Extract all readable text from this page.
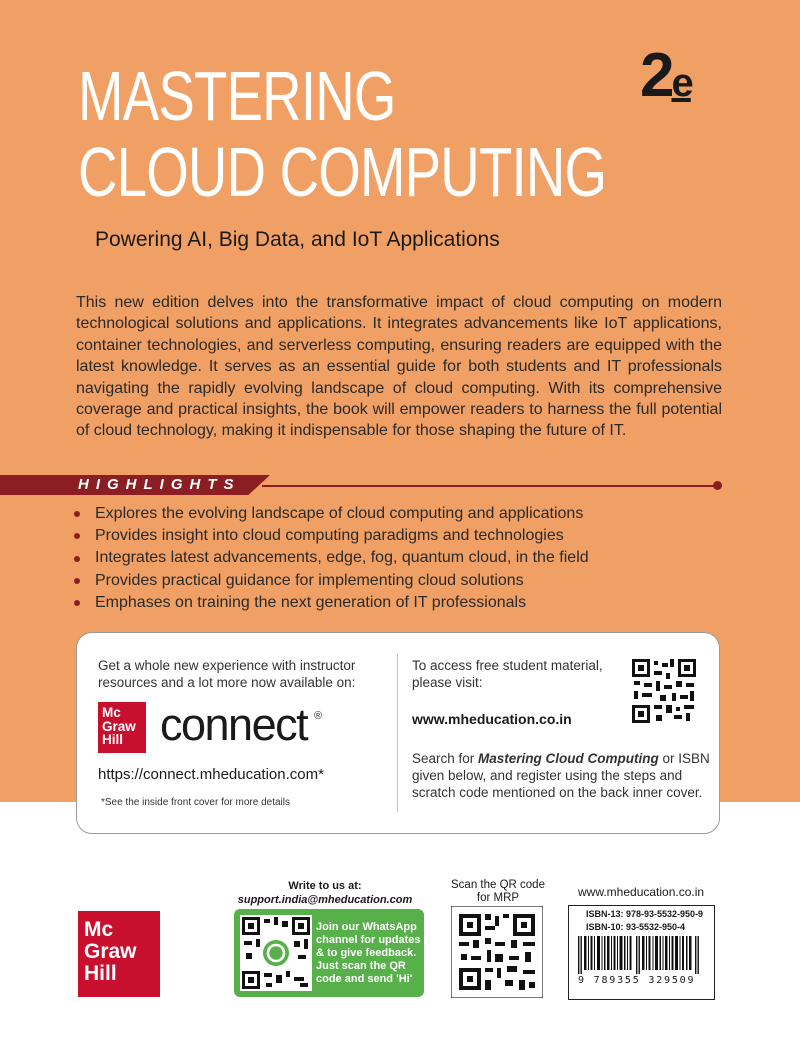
MASTERING
CLOUD COMPUTING
2e
Powering AI, Big Data, and IoT Applications

This new edition delves into the transformative impact of cloud computing on modern technological solutions and applications. It integrates advancements like IoT applications, container technologies, and serverless computing, ensuring readers are equipped with the latest knowledge. It serves as an essential guide for both students and IT professionals navigating the rapidly evolving landscape of cloud computing. With its comprehensive coverage and practical insights, the book will empower readers to harness the full potential of cloud technology, making it indispensable for those shaping the future of IT.

HIGHLIGHTS
Explores the evolving landscape of cloud computing and applications
Provides insight into cloud computing paradigms and technologies
Integrates latest advancements, edge, fog, quantum cloud, in the field
Provides practical guidance for implementing cloud solutions
Emphases on training the next generation of IT professionals
Get a whole new experience with instructor resources and a lot more now available on:
Mc
Graw
Hill connect ®
https://connect.mheducation.com*
*See the inside front cover for more details
To access free student material, please visit:
www.mheducation.co.in
Search for Mastering Cloud Computing or ISBN given below, and register using the steps and scratch code mentioned on the back inner cover.
Mc
Graw
Hill
Write to us at:
support.india@mheducation.com
Join our WhatsApp channel for updates & to give feedback. Just scan the QR code and send 'Hi'
Scan the QR code for MRP	www.mheducation.co.in
ISBN-13: 978-93-5532-950-9
ISBN-10: 93-5532-950-4
9 789355 329509
